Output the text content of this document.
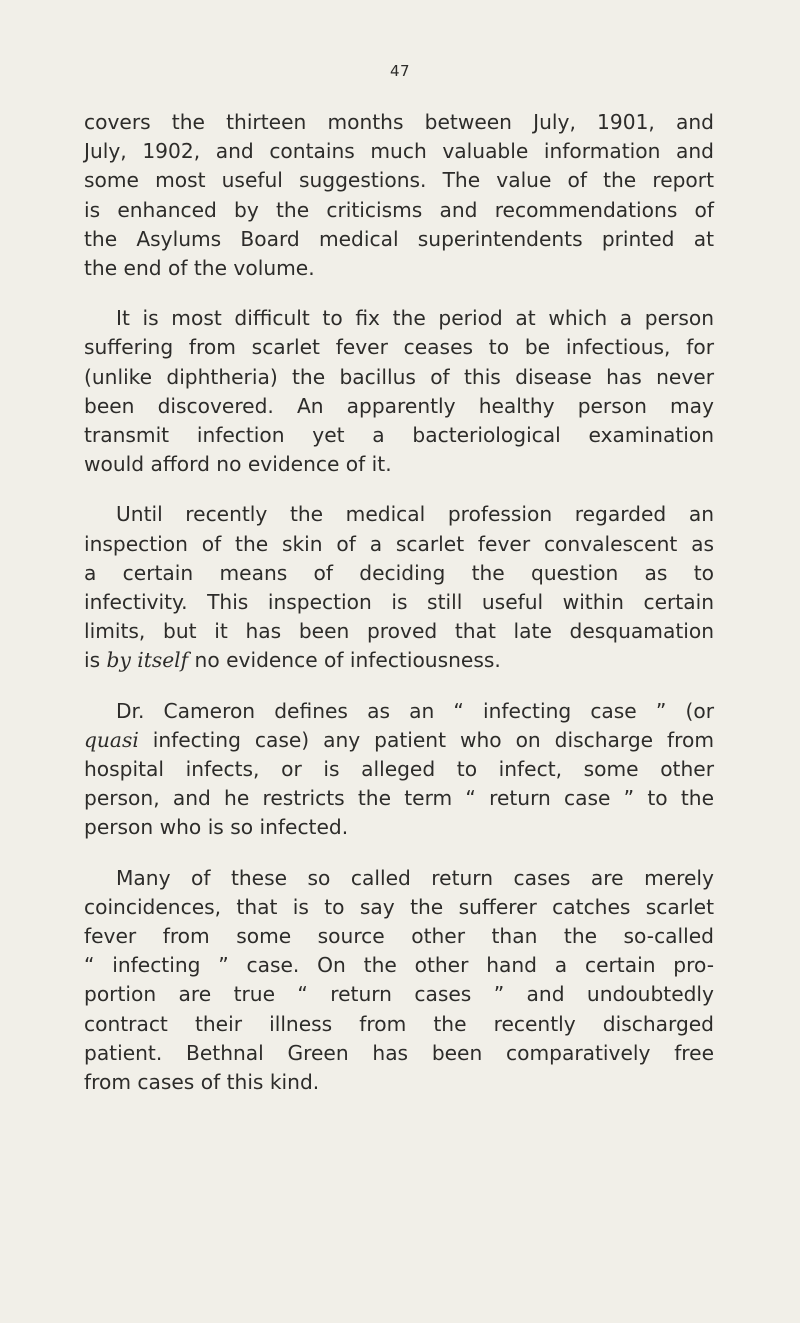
47

covers the thirteen months between July, 1901, and
July, 1902, and contains much valuable information and
some most useful suggestions. The value of the report
is enhanced by the criticisms and recommendations of
the Asylums Board medical superintendents printed at
the end of the volume.

It is most difficult to fix the period at which a person
suffering from scarlet fever ceases to be infectious, for
(unlike diphtheria) the bacillus of this disease has never
been discovered. An apparently healthy person may
transmit infection yet a bacteriological examination
would afford no evidence of it.

Until recently the medical profession regarded an
inspection of the skin of a scarlet fever convalescent as
a certain means of deciding the question as to
infectivity. This inspection is still useful within certain
limits, but it has been proved that late desquamation
is by itself no evidence of infectiousness.

Dr. Cameron defines as an “ infecting case ” (or
quasi infecting case) any patient who on discharge from
hospital infects, or is alleged to infect, some other
person, and he restricts the term “ return case ” to the
person who is so infected.

Many of these so called return cases are merely
coincidences, that is to say the sufferer catches scarlet
fever from some source other than the so-called
“ infecting ” case. On the other hand a certain pro-
portion are true “ return cases ” and undoubtedly
contract their illness from the recently discharged
patient. Bethnal Green has been comparatively free
from cases of this kind.
